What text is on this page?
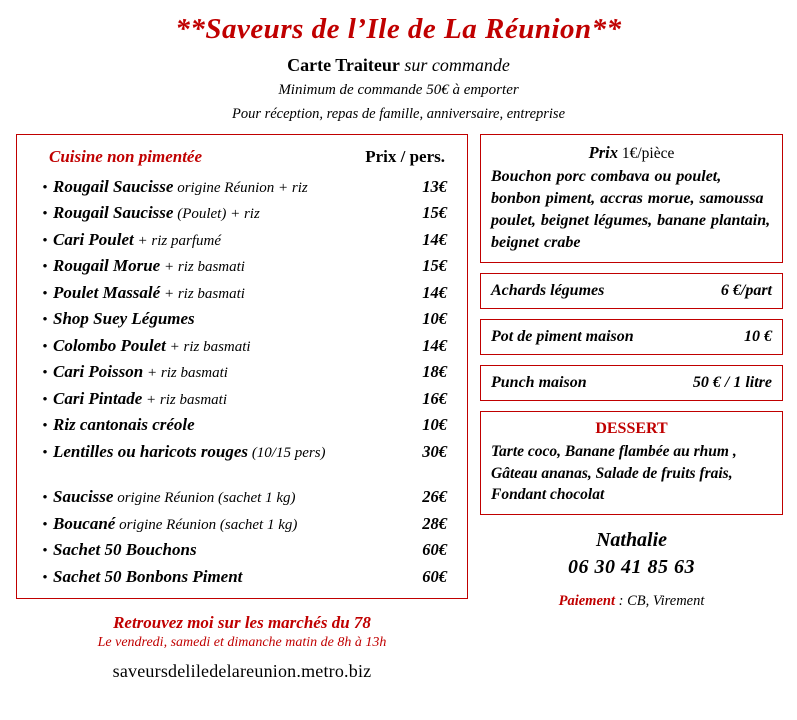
**Saveurs de l’Ile de La Réunion**
Carte Traiteur sur commande
Minimum de commande 50€ à emporter
Pour réception, repas de famille, anniversaire, entreprise
Cuisine non pimentée	Prix / pers.
• Rougail Saucisse origine Réunion + riz	13€
• Rougail Saucisse (Poulet) + riz	15€
• Cari Poulet + riz parfumé	14€
• Rougail Morue + riz basmati	15€
• Poulet Massalé + riz basmati	14€
• Shop Suey Légumes	10€
• Colombo Poulet + riz basmati	14€
• Cari Poisson + riz basmati	18€
• Cari Pintade + riz basmati	16€
• Riz cantonais créole	10€
• Lentilles ou haricots rouges (10/15 pers)	30€
• Saucisse origine Réunion (sachet 1 kg)	26€
• Boucané origine Réunion (sachet 1 kg)	28€
• Sachet 50 Bouchons	60€
• Sachet 50 Bonbons Piment	60€
Retrouvez moi sur les marchés du 78
Le vendredi, samedi et dimanche matin de 8h à 13h
saveursdeliledelareunion.metro.biz
Prix 1€/pièce
Bouchon porc combava ou poulet, bonbon piment, accras morue, samoussa poulet, beignet légumes, banane plantain, beignet crabe
Achards légumes	6 €/part
Pot de piment maison	10 €
Punch maison	50 € / 1 litre
DESSERT
Tarte coco, Banane flambée au rhum , Gâteau ananas, Salade de fruits frais, Fondant chocolat
Nathalie
06 30 41 85 63
Paiement : CB, Virement
